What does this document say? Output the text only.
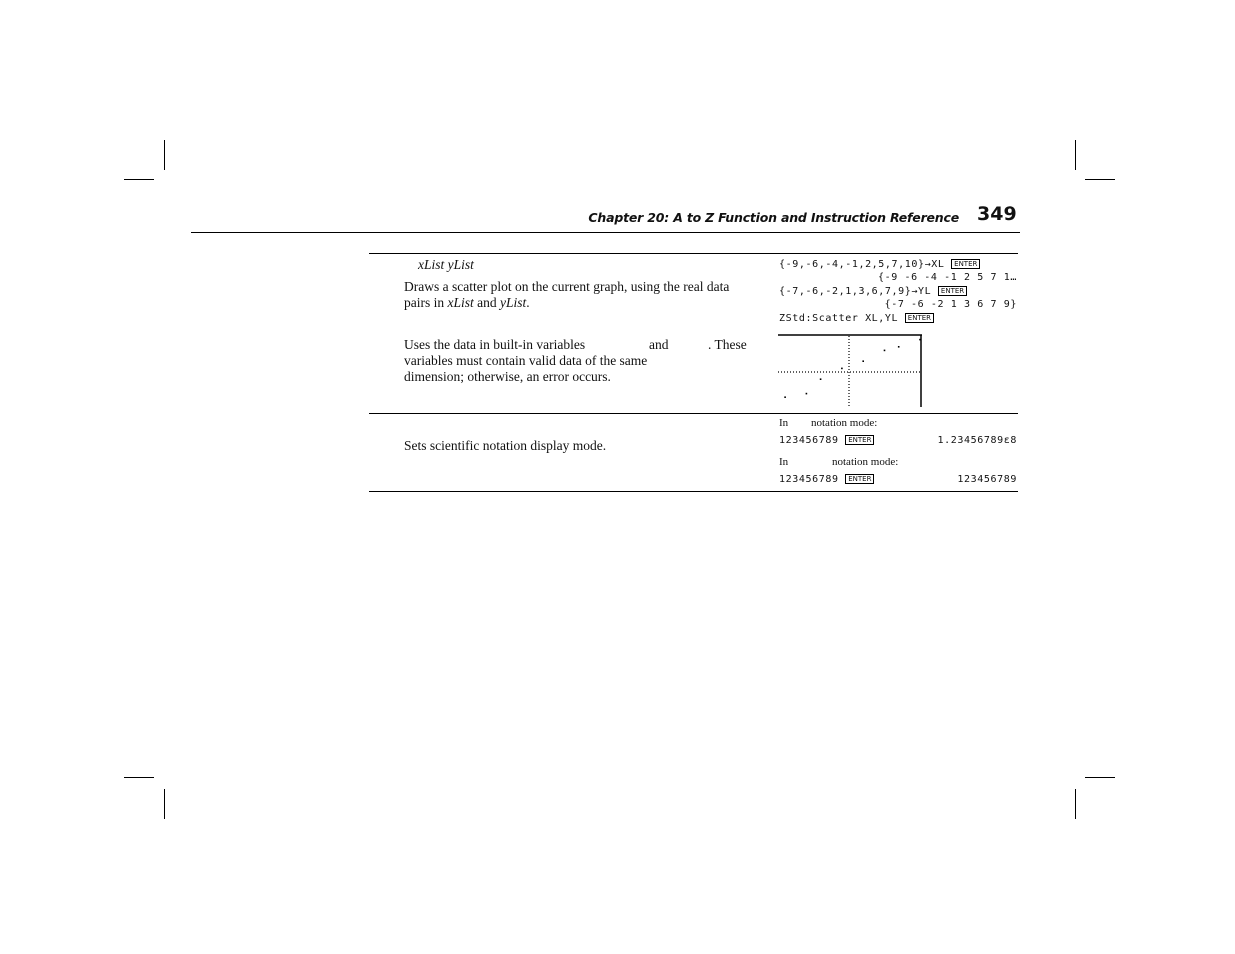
Chapter 20: A to Z Function and Instruction Reference 349
xList yList
Draws a scatter plot on the current graph, using the real data pairs in xList and yList.
Uses the data in built-in variables	and	. These
variables must contain valid data of the same
dimension; otherwise, an error occurs.
{-9,-6,-4,-1,2,5,7,10}→XL ENTER
{-9 -6 -4 -1 2 5 7 1…
{-7,-6,-2,1,3,6,7,9}→YL ENTER
{-7 -6 -2 1 3 6 7 9}
ZStd:Scatter XL,YL ENTER
Sets scientific notation display mode.
In notation mode:
123456789 ENTER	1.23456789ε8
In	notation mode:
123456789 ENTER	123456789
